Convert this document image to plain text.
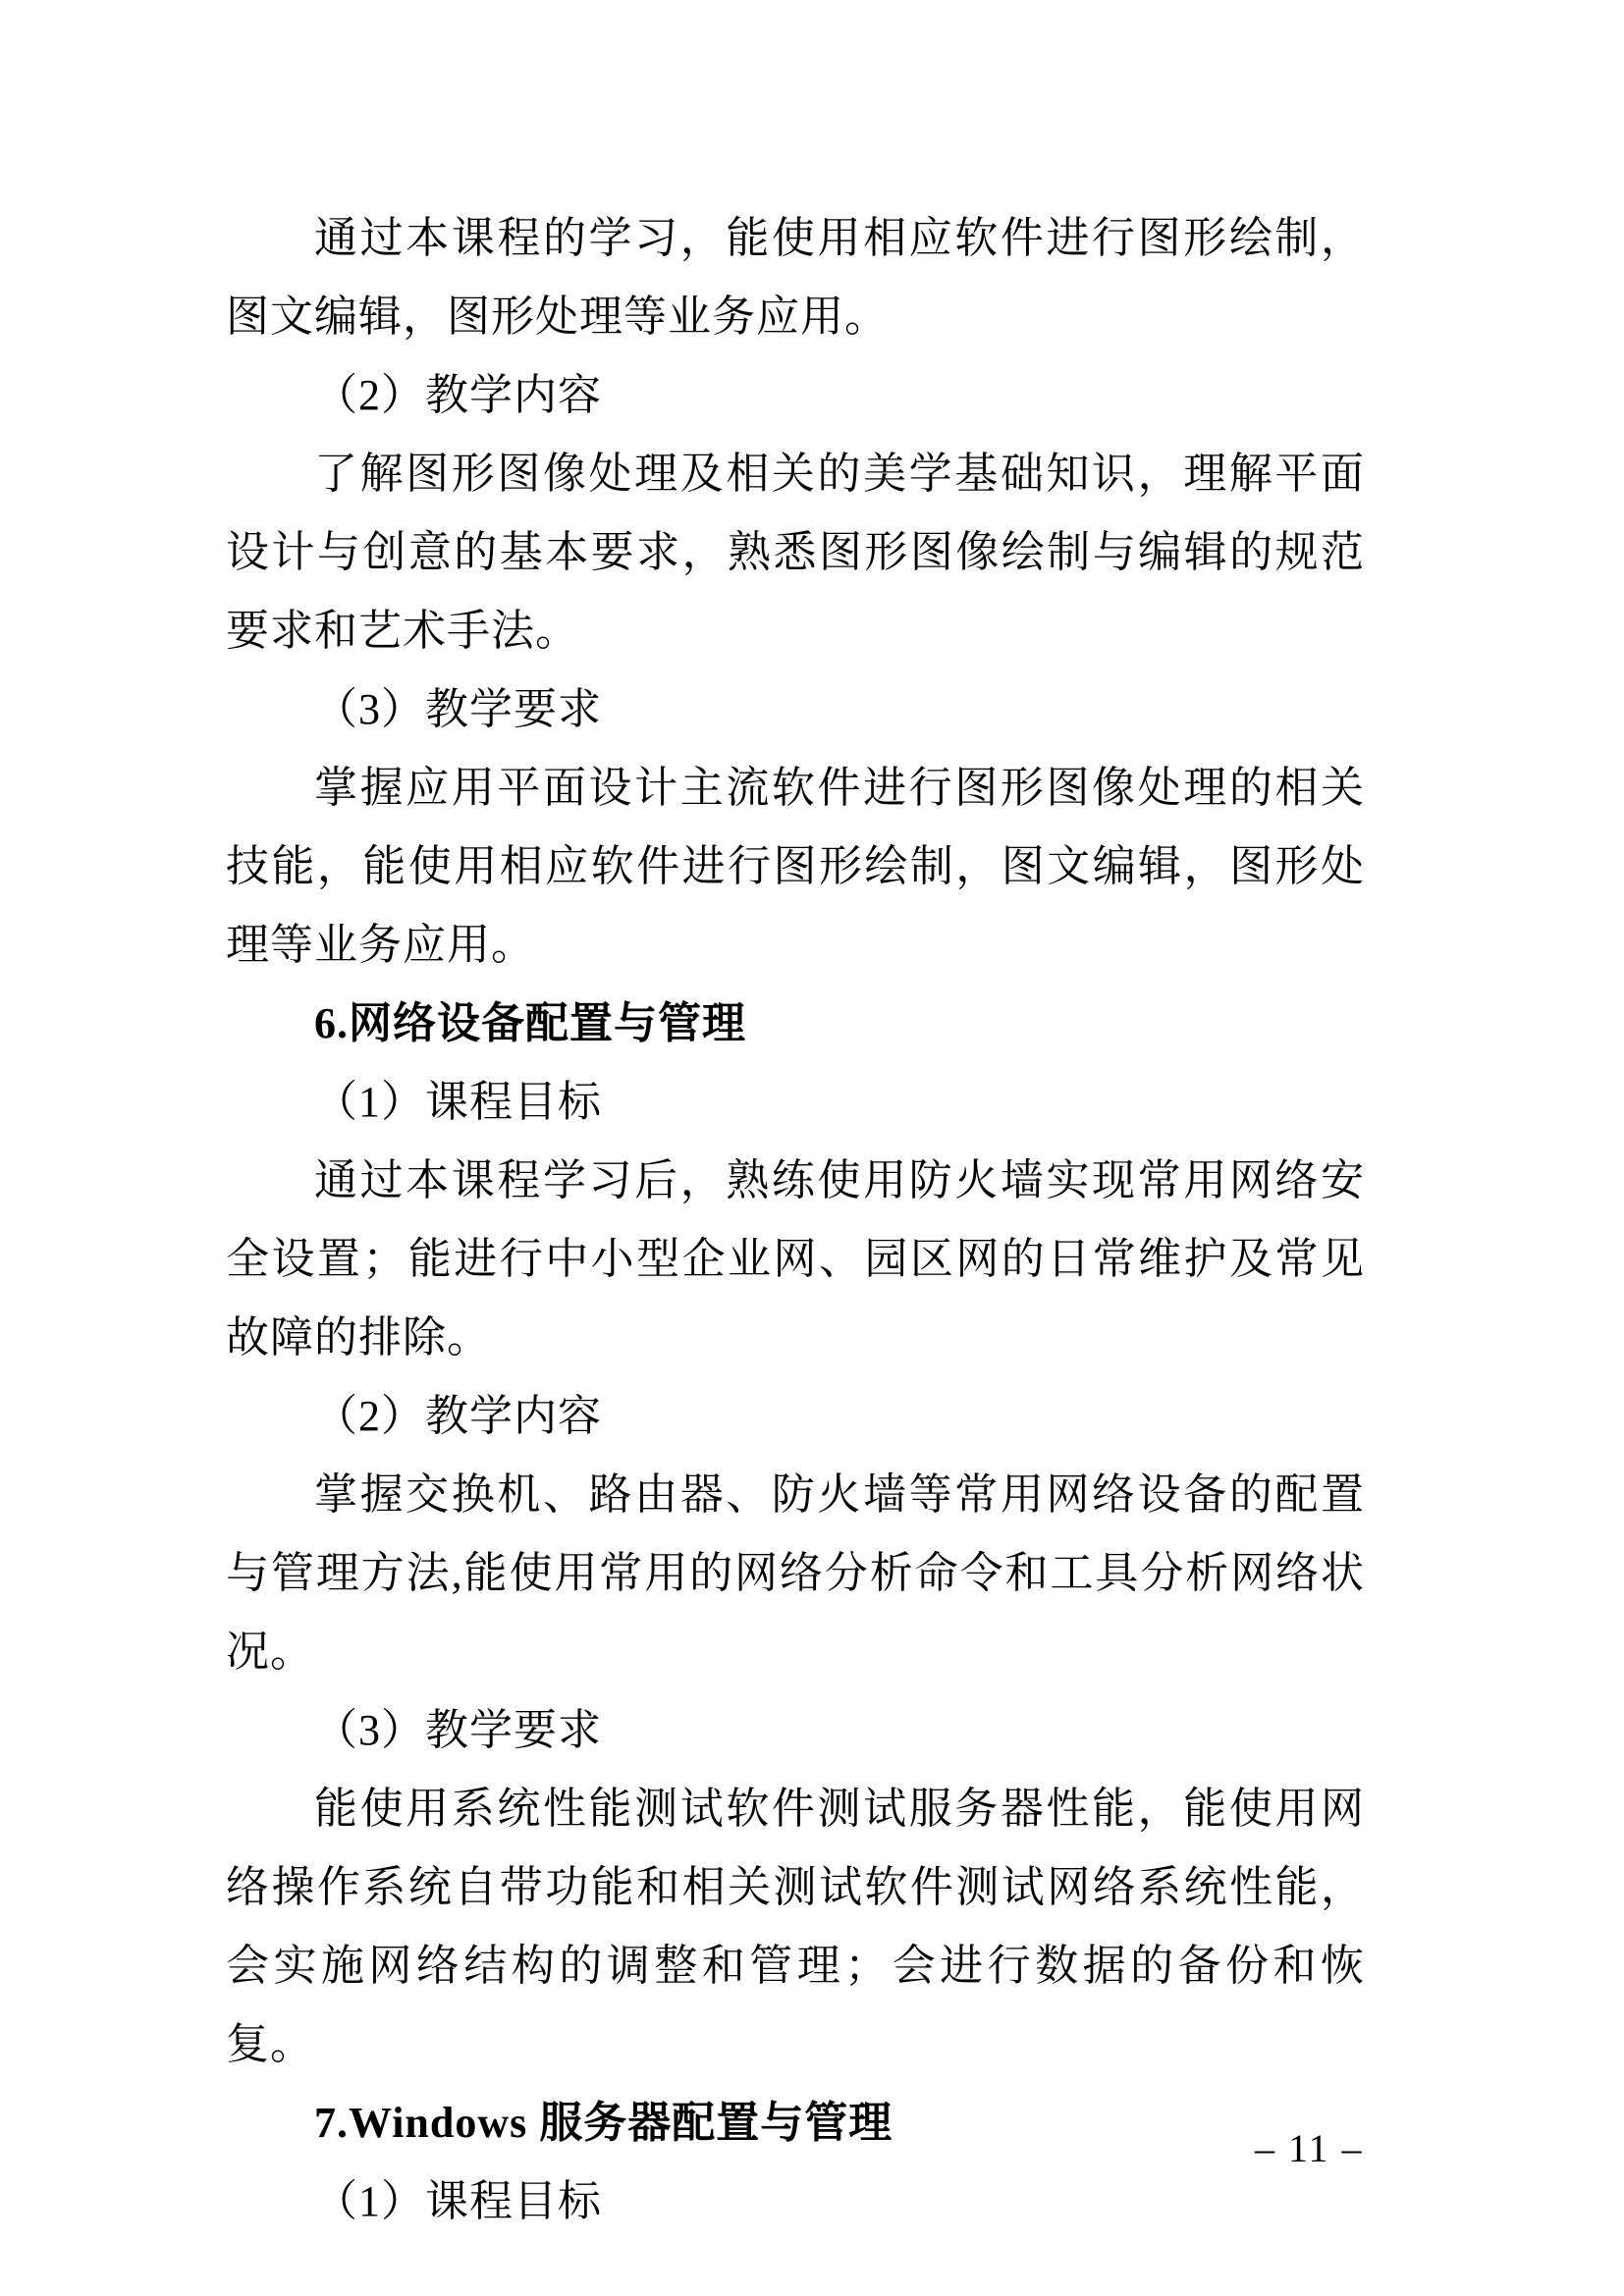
通过本课程的学习，能使用相应软件进行图形绘制，图文编辑，图形处理等业务应用。

（2）教学内容

了解图形图像处理及相关的美学基础知识，理解平面设计与创意的基本要求，熟悉图形图像绘制与编辑的规范要求和艺术手法。

（3）教学要求

掌握应用平面设计主流软件进行图形图像处理的相关技能，能使用相应软件进行图形绘制，图文编辑，图形处理等业务应用。

6.网络设备配置与管理

（1）课程目标

通过本课程学习后，熟练使用防火墙实现常用网络安全设置；能进行中小型企业网、园区网的日常维护及常见故障的排除。

（2）教学内容

掌握交换机、路由器、防火墙等常用网络设备的配置与管理方法,能使用常用的网络分析命令和工具分析网络状况。

（3）教学要求

能使用系统性能测试软件测试服务器性能，能使用网络操作系统自带功能和相关测试软件测试网络系统性能，会实施网络结构的调整和管理；会进行数据的备份和恢复。

7.Windows 服务器配置与管理

（1）课程目标

– 11 –
